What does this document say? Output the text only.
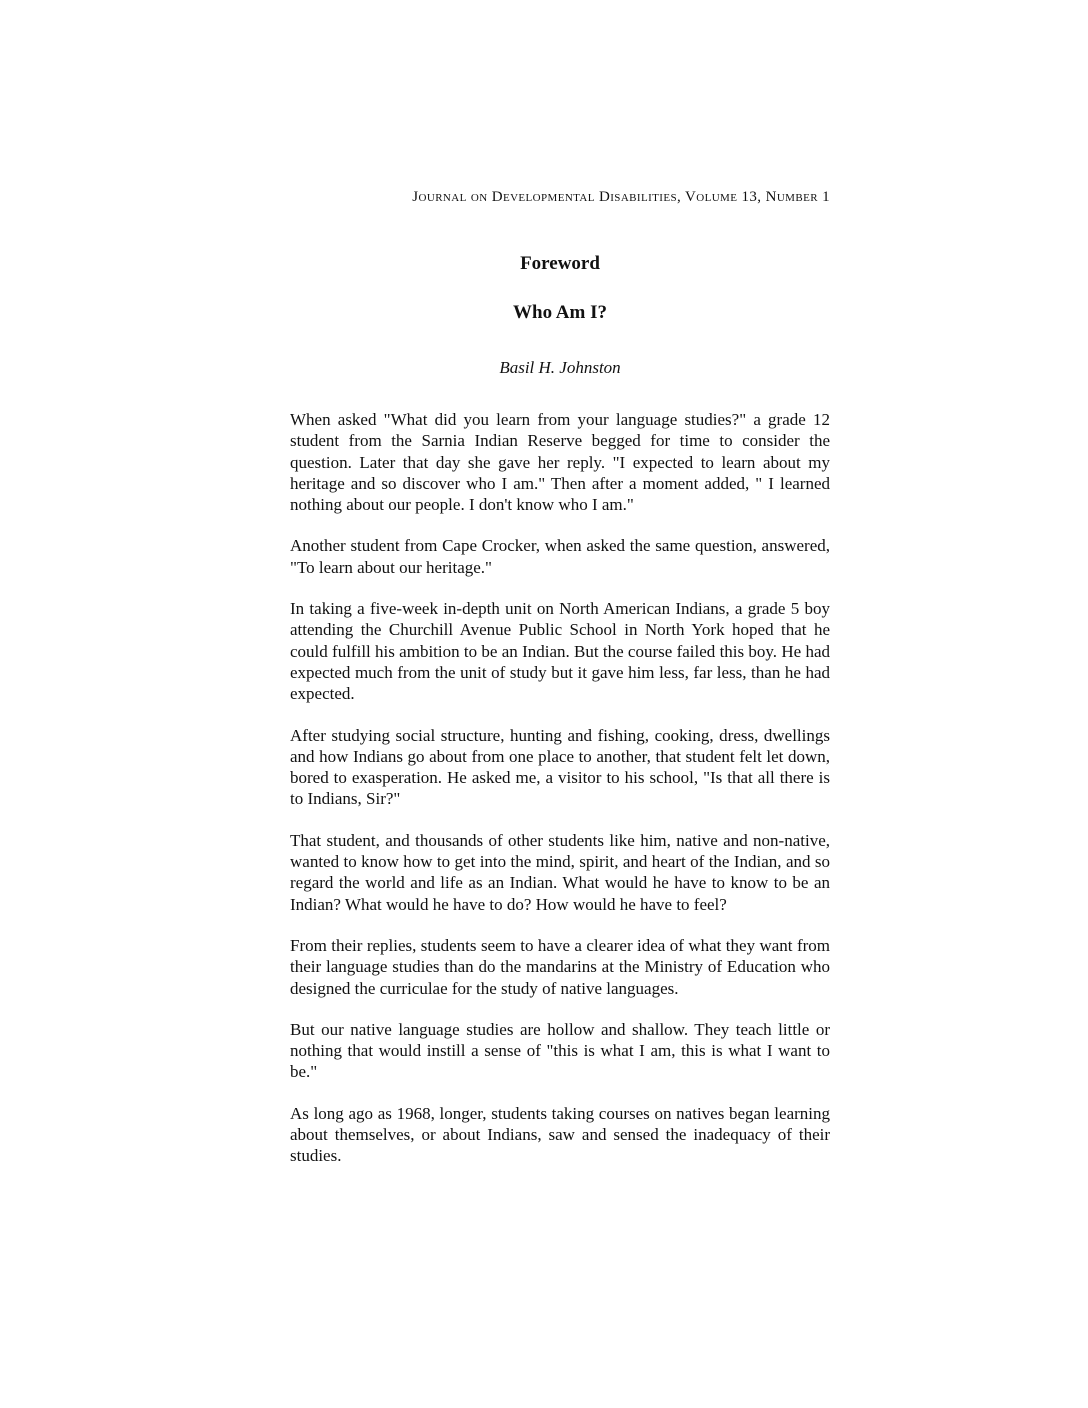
Journal on Developmental Disabilities, Volume 13, Number 1
Foreword
Who Am I?
Basil H. Johnston

When asked "What did you learn from your language studies?" a grade 12 student from the Sarnia Indian Reserve begged for time to consider the question. Later that day she gave her reply. "I expected to learn about my heritage and so discover who I am." Then after a moment added, " I learned nothing about our people. I don't know who I am."

Another student from Cape Crocker, when asked the same question, answered, "To learn about our heritage."

In taking a five-week in-depth unit on North American Indians, a grade 5 boy attending the Churchill Avenue Public School in North York hoped that he could fulfill his ambition to be an Indian. But the course failed this boy. He had expected much from the unit of study but it gave him less, far less, than he had expected.

After studying social structure, hunting and fishing, cooking, dress, dwellings and how Indians go about from one place to another, that student felt let down, bored to exasperation. He asked me, a visitor to his school, "Is that all there is to Indians, Sir?"

That student, and thousands of other students like him, native and non-native, wanted to know how to get into the mind, spirit, and heart of the Indian, and so regard the world and life as an Indian. What would he have to know to be an Indian? What would he have to do? How would he have to feel?

From their replies, students seem to have a clearer idea of what they want from their language studies than do the mandarins at the Ministry of Education who designed the curriculae for the study of native languages.

But our native language studies are hollow and shallow. They teach little or nothing that would instill a sense of "this is what I am, this is what I want to be."

As long ago as 1968, longer, students taking courses on natives began learning about themselves, or about Indians, saw and sensed the inadequacy of their studies.
